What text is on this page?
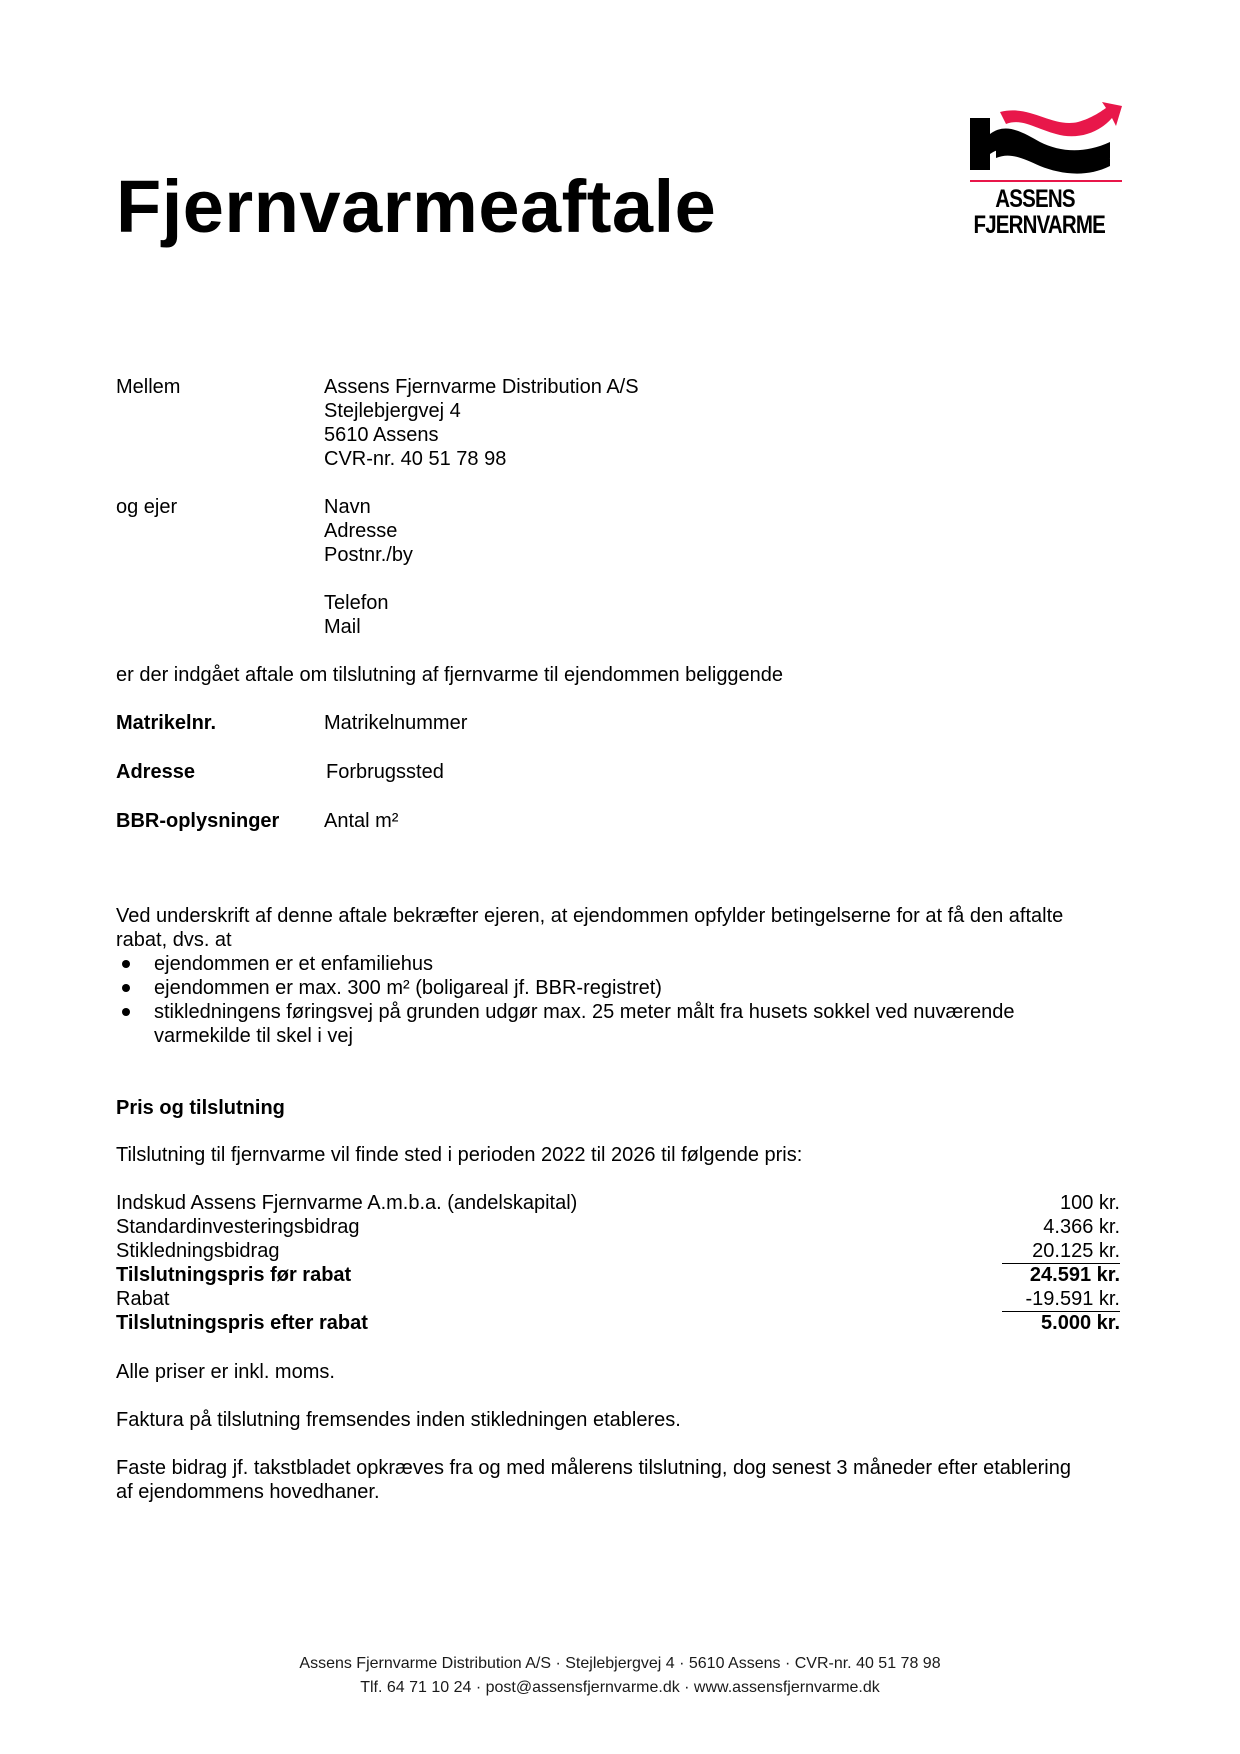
Fjernvarmeaftale	ASSENS
FJERNVARME
Mellem	Assens Fjernvarme Distribution A/S
Stejlebjergvej 4
5610 Assens
CVR-nr. 40 51 78 98
og ejer	Navn
Adresse
Postnr./by
Telefon
Mail
er der indgået aftale om tilslutning af fjernvarme til ejendommen beliggende
Matrikelnr.	Matrikelnummer
Adresse	Forbrugssted
BBR-oplysninger Antal m²
Ved underskrift af denne aftale bekræfter ejeren, at ejendommen opfylder betingelserne for at få den aftalte
rabat, dvs. at
ejendommen er et enfamiliehus
ejendommen er max. 300 m² (boligareal jf. BBR-registret)
stikledningens føringsvej på grunden udgør max. 25 meter målt fra husets sokkel ved nuværende varmekilde til skel i vej
Pris og tilslutning
Tilslutning til fjernvarme vil finde sted i perioden 2022 til 2026 til følgende pris:
Indskud Assens Fjernvarme A.m.b.a. (andelskapital)	100 kr.
Standardinvesteringsbidrag	4.366 kr.
Stikledningsbidrag	20.125 kr.
Tilslutningspris før rabat	24.591 kr.
Rabat	-19.591 kr.
Tilslutningspris efter rabat	5.000 kr.
Alle priser er inkl. moms.
Faktura på tilslutning fremsendes inden stikledningen etableres.
Faste bidrag jf. takstbladet opkræves fra og med målerens tilslutning, dog senest 3 måneder efter etablering
af ejendommens hovedhaner.
Assens Fjernvarme Distribution A/S · Stejlebjergvej 4 · 5610 Assens · CVR-nr. 40 51 78 98
Tlf. 64 71 10 24 · post@assensfjernvarme.dk · www.assensfjernvarme.dk
